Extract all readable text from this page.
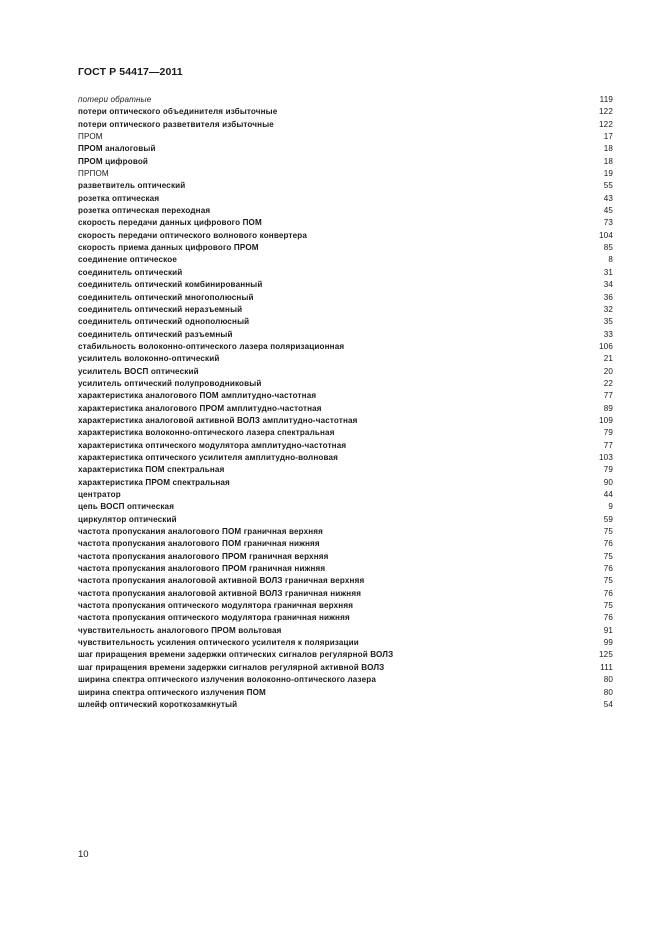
ГОСТ Р 54417—2011
потери обратные	119
потери оптического объединителя избыточные	122
потери оптического разветвителя избыточные	122
ПРОМ	17
ПРОМ аналоговый	18
ПРОМ цифровой	18
ПРПОМ	19
разветвитель оптический	55
розетка оптическая	43
розетка оптическая переходная	45
скорость передачи данных цифрового ПОМ	73
скорость передачи оптического волнового конвертера	104
скорость приема данных цифрового ПРОМ	85
соединение оптическое	8
соединитель оптический	31
соединитель оптический комбинированный	34
соединитель оптический многополюсный	36
соединитель оптический неразъемный	32
соединитель оптический однополюсный	35
соединитель оптический разъемный	33
стабильность волоконно-оптического лазера поляризационная	106
усилитель волоконно-оптический	21
усилитель ВОСП оптический	20
усилитель оптический полупроводниковый	22
характеристика аналогового ПОМ амплитудно-частотная	77
характеристика аналогового ПРОМ амплитудно-частотная	89
характеристика аналоговой активной ВОЛЗ амплитудно-частотная	109
характеристика волоконно-оптического лазера спектральная	79
характеристика оптического модулятора амплитудно-частотная	77
характеристика оптического усилителя амплитудно-волновая	103
характеристика ПОМ спектральная	79
характеристика ПРОМ спектральная	90
центратор	44
цепь ВОСП оптическая	9
циркулятор оптический	59
частота пропускания аналогового ПОМ граничная верхняя	75
частота пропускания аналогового ПОМ граничная нижняя	76
частота пропускания аналогового ПРОМ граничная верхняя	75
частота пропускания аналогового ПРОМ граничная нижняя	76
частота пропускания аналоговой активной ВОЛЗ граничная верхняя	75
частота пропускания аналоговой активной ВОЛЗ граничная нижняя	76
частота пропускания оптического модулятора граничная верхняя	75
частота пропускания оптического модулятора граничная нижняя	76
чувствительность аналогового ПРОМ вольтовая	91
чувствительность усиления оптического усилителя к поляризации	99
шаг приращения времени задержки оптических сигналов регулярной ВОЛЗ	125
шаг приращения времени задержки сигналов регулярной активной ВОЛЗ	111
ширина спектра оптического излучения волоконно-оптического лазера	80
ширина спектра оптического излучения ПОМ	80
шлейф оптический короткозамкнутый	54
10
